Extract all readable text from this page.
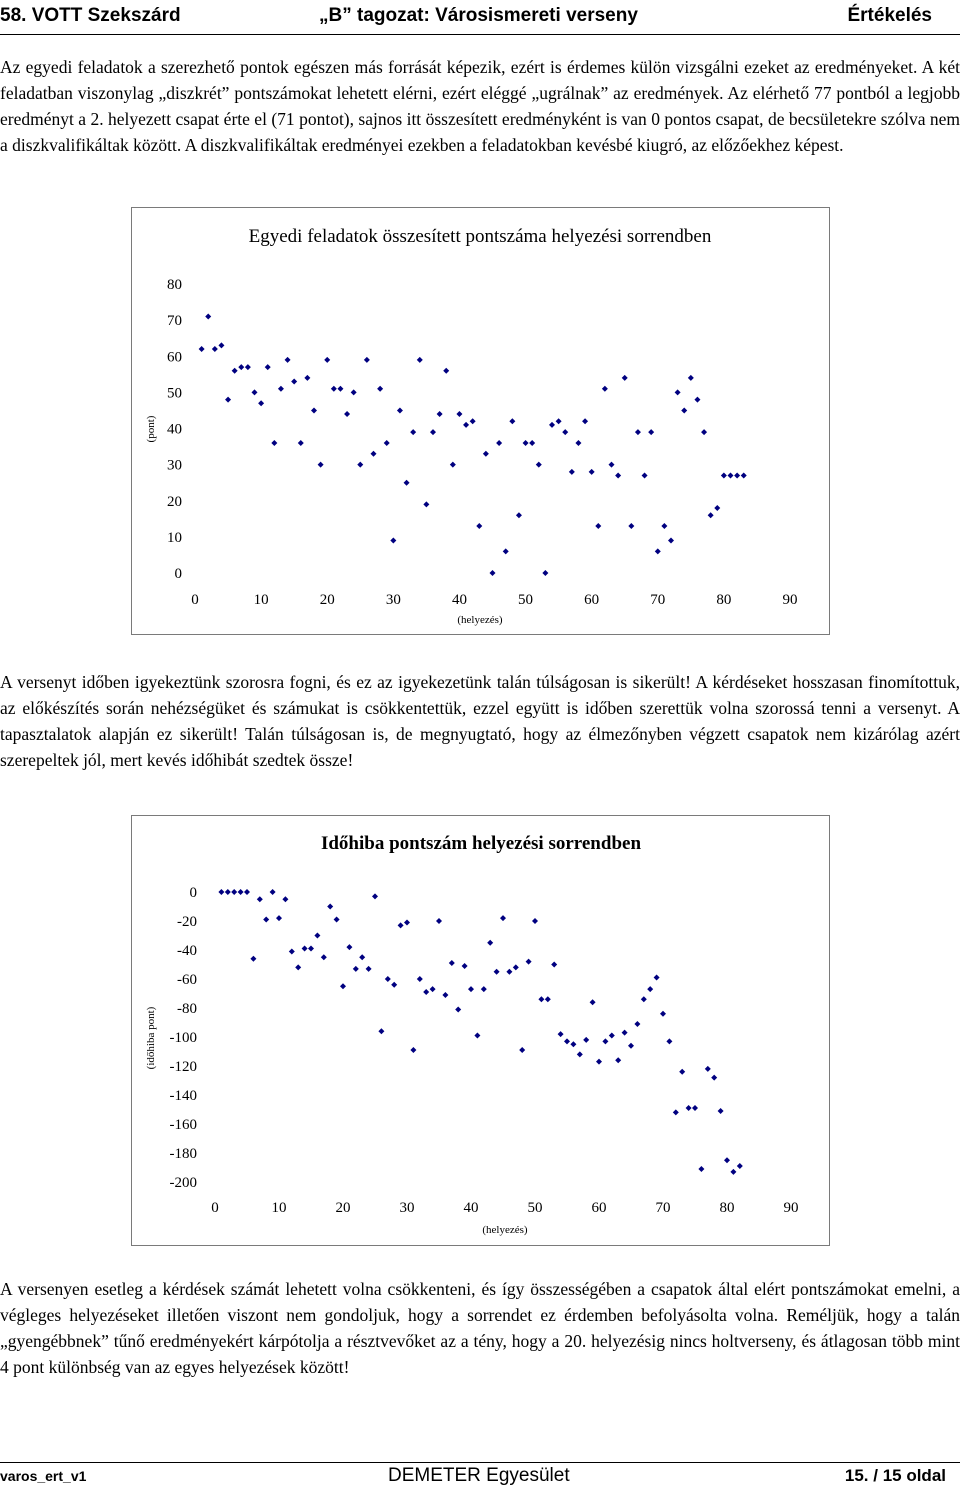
58. VOTT Szekszárd	„B” tagozat: Városismereti verseny	Értékelés

Az egyedi feladatok a szerezhető pontok egészen más forrását képezik, ezért is érdemes külön vizsgálni ezeket az eredményeket. A két feladatban viszonylag „diszkrét” pontszámokat lehetett elérni, ezért eléggé „ugrálnak” az eredmények. Az elérhető 77 pontból a legjobb eredményt a 2. helyezett csapat érte el (71 pontot), sajnos itt összesített eredményként is van 0 pontos csapat, de becsületekre szólva nem a diszkvalifikáltak között. A diszkvalifikáltak eredményei ezekben a feladatokban kevésbé kiugró, az előzőekhez képest.

Egyedi feladatok összesített pontszáma helyezési sorrendben
0
10
20
30
40
50
60
70
80
0	10	20	30	40	50	60	70	80	90
(helyezés)
(pont)

A versenyt időben igyekeztünk szorosra fogni, és ez az igyekezetünk talán túlságosan is sikerült! A kérdéseket hosszasan finomítottuk, az előkészítés során nehézségüket és számukat is csökkentettük, ezzel együtt is időben szerettük volna szorossá tenni a versenyt. A tapasztalatok alapján ez sikerült! Talán túlságosan is, de megnyugtató, hogy az élmezőnyben végzett csapatok nem kizárólag azért szerepeltek jól, mert kevés időhibát szedtek össze!

Időhiba pontszám helyezési sorrendben
0
-20
-40
-60
-80
-100
-120
-140
-160
-180
-200
0	10	20	30	40	50	60	70	80	90
(helyezés)
(időhiba pont)

A versenyen esetleg a kérdések számát lehetett volna csökkenteni, és így összességében a csapatok által elért pontszámokat emelni, a végleges helyezéseket illetően viszont nem gondoljuk, hogy a sorrendet ez érdemben befolyásolta volna. Reméljük, hogy a talán „gyengébbnek” tűnő eredményekért kárpótolja a résztvevőket az a tény, hogy a 20. helyezésig nincs holtverseny, és átlagosan több mint 4 pont különbség van az egyes helyezések között!

varos_ert_v1	DEMETER Egyesület	15. / 15 oldal
